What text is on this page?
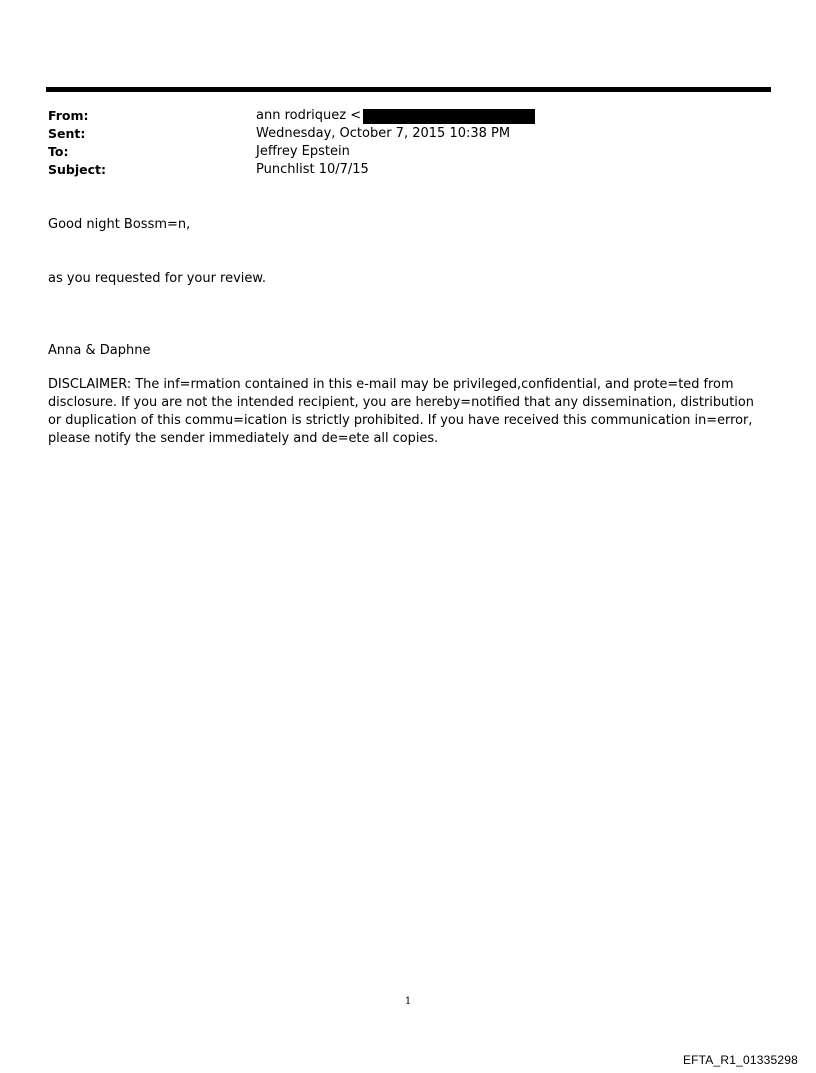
From:	ann rodriquez <
Sent:	Wednesday, October 7, 2015 10:38 PM
To:	Jeffrey Epstein
Subject:	Punchlist 10/7/15
Good night Bossm=n,
as you requested for your review.
Anna & Daphne
DISCLAIMER: The inf=rmation contained in this e-mail may be privileged,confidential, and prote=ted from disclosure. If you are not the intended recipient, you are hereby=notified that any dissemination, distribution or duplication of this commu=ication is strictly prohibited. If you have received this communication in=error, please notify the sender immediately and de=ete all copies.
1
EFTA_R1_01335298
